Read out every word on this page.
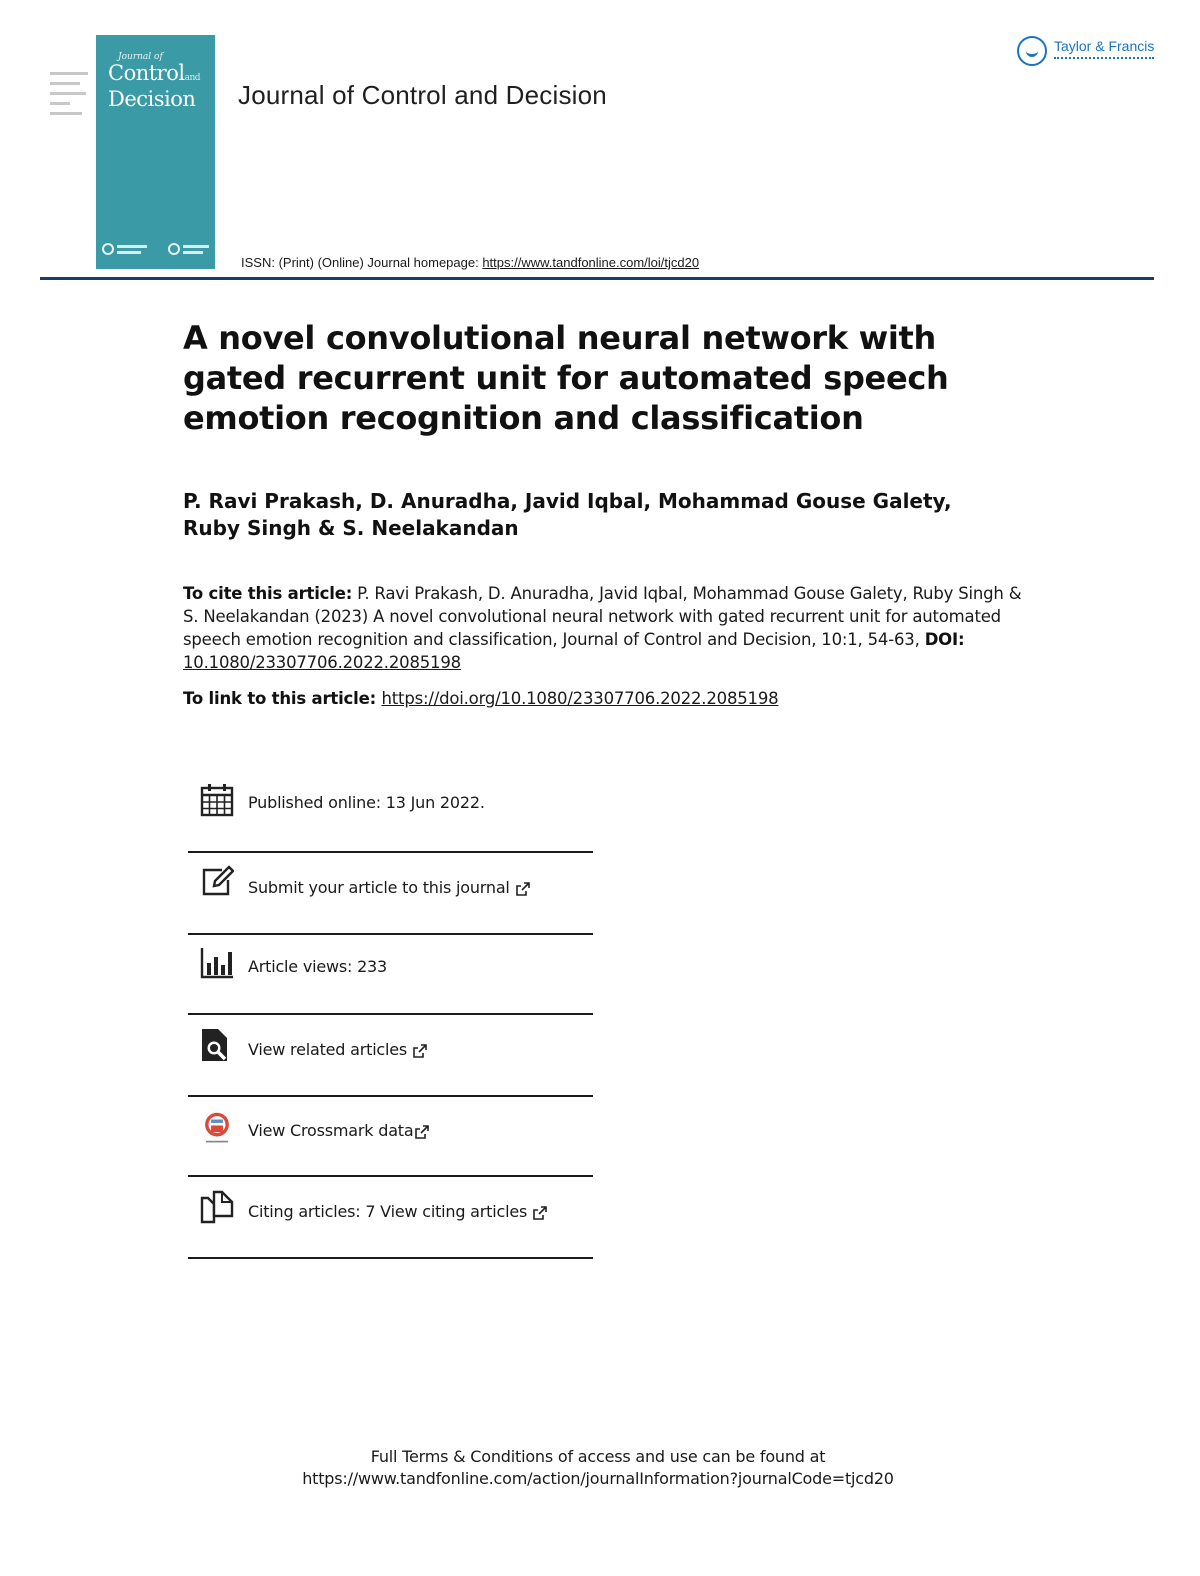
Journal of
Controland
Decision Journal of Control and Decision
Taylor & Francis
ISSN: (Print) (Online) Journal homepage: https://www.tandfonline.com/loi/tjcd20
A novel convolutional neural network with gated recurrent unit for automated speech emotion recognition and classification

P. Ravi Prakash, D. Anuradha, Javid Iqbal, Mohammad Gouse Galety, Ruby Singh & S. Neelakandan

To cite this article: P. Ravi Prakash, D. Anuradha, Javid Iqbal, Mohammad Gouse Galety, Ruby Singh & S. Neelakandan (2023) A novel convolutional neural network with gated recurrent unit for automated speech emotion recognition and classification, Journal of Control and Decision, 10:1, 54-63, DOI: 10.1080/23307706.2022.2085198

To link to this article: https://doi.org/10.1080/23307706.2022.2085198
Published online: 13 Jun 2022.
Submit your article to this journal
Article views: 233
View related articles
View Crossmark data
Citing articles: 7 View citing articles
Full Terms & Conditions of access and use can be found at
https://www.tandfonline.com/action/journalInformation?journalCode=tjcd20
